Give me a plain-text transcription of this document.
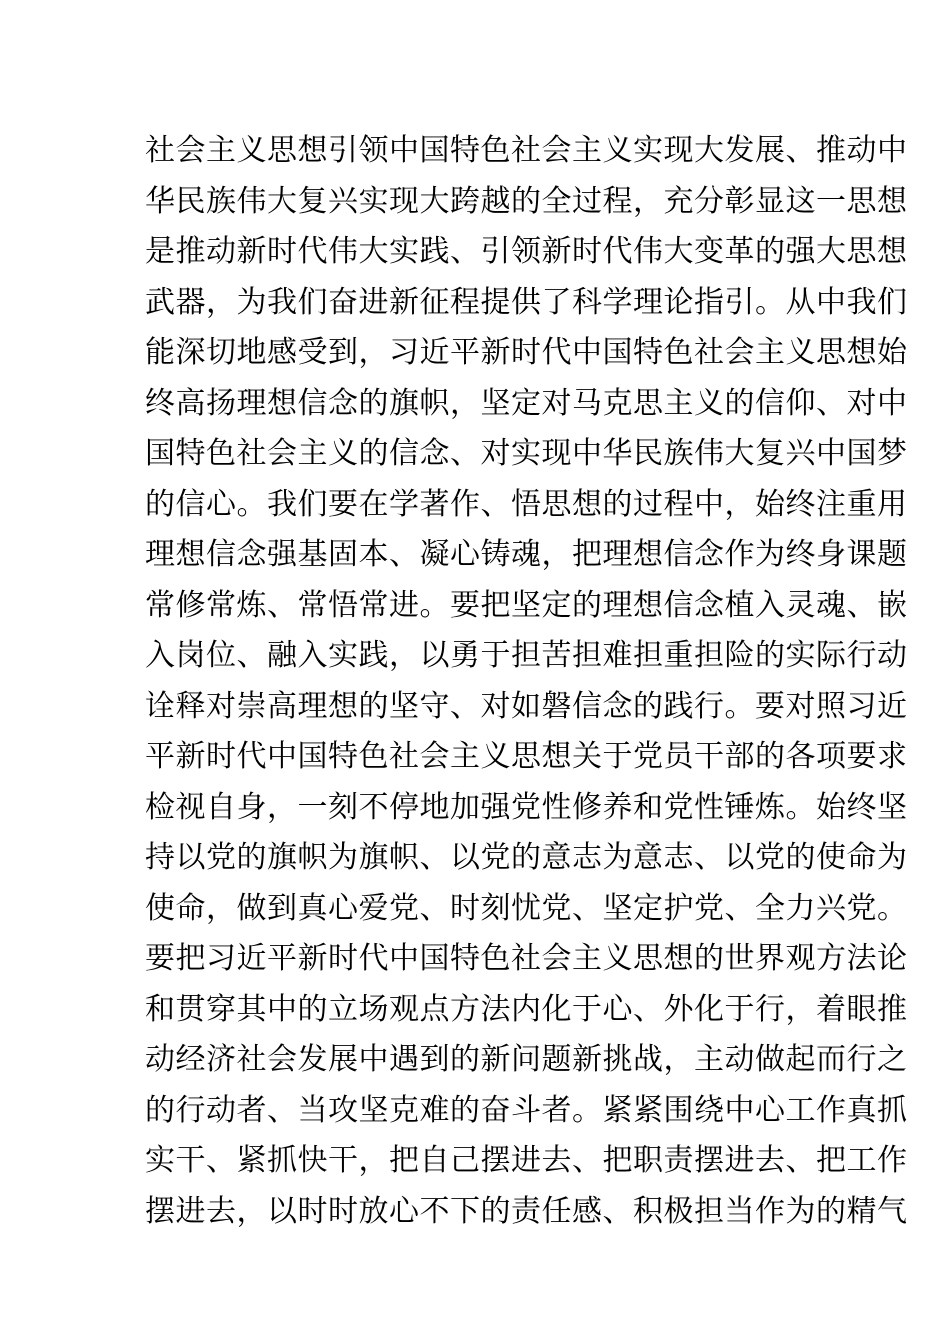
社会主义思想引领中国特色社会主义实现大发展、推动中
华民族伟大复兴实现大跨越的全过程，充分彰显这一思想
是推动新时代伟大实践、引领新时代伟大变革的强大思想
武器，为我们奋进新征程提供了科学理论指引。从中我们
能深切地感受到，习近平新时代中国特色社会主义思想始
终高扬理想信念的旗帜，坚定对马克思主义的信仰、对中
国特色社会主义的信念、对实现中华民族伟大复兴中国梦
的信心。我们要在学著作、悟思想的过程中，始终注重用
理想信念强基固本、凝心铸魂，把理想信念作为终身课题
常修常炼、常悟常进。要把坚定的理想信念植入灵魂、嵌
入岗位、融入实践，以勇于担苦担难担重担险的实际行动
诠释对崇高理想的坚守、对如磐信念的践行。要对照习近
平新时代中国特色社会主义思想关于党员干部的各项要求
检视自身，一刻不停地加强党性修养和党性锤炼。始终坚
持以党的旗帜为旗帜、以党的意志为意志、以党的使命为
使命，做到真心爱党、时刻忧党、坚定护党、全力兴党。
要把习近平新时代中国特色社会主义思想的世界观方法论
和贯穿其中的立场观点方法内化于心、外化于行，着眼推
动经济社会发展中遇到的新问题新挑战，主动做起而行之
的行动者、当攻坚克难的奋斗者。紧紧围绕中心工作真抓
实干、紧抓快干，把自己摆进去、把职责摆进去、把工作
摆进去，以时时放心不下的责任感、积极担当作为的精气
